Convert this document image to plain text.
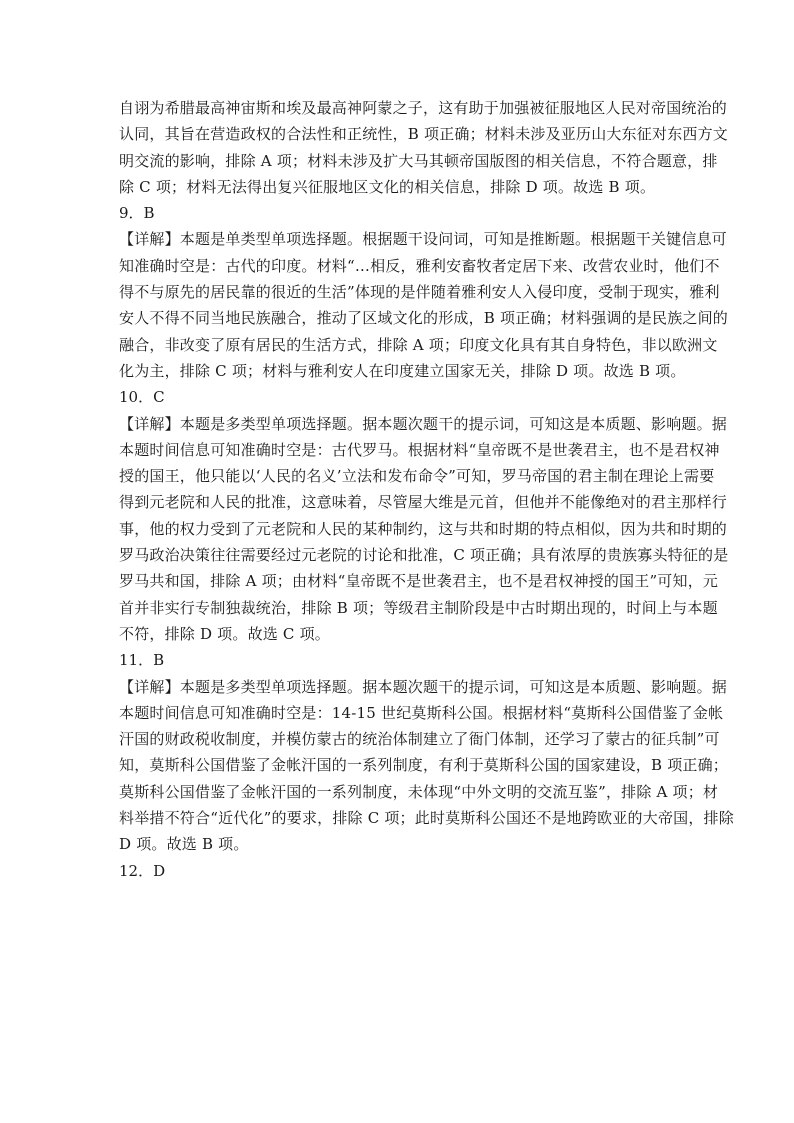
自诩为希腊最高神宙斯和埃及最高神阿蒙之子，这有助于加强被征服地区人民对帝国统治的
认同，其旨在营造政权的合法性和正统性，B 项正确；材料未涉及亚历山大东征对东西方文
明交流的影响，排除 A 项；材料未涉及扩大马其顿帝国版图的相关信息，不符合题意，排
除 C 项；材料无法得出复兴征服地区文化的相关信息，排除 D 项。故选 B 项。
9．B
【详解】本题是单类型单项选择题。根据题干设问词，可知是推断题。根据题干关键信息可
知准确时空是：古代的印度。材料“…相反，雅利安畜牧者定居下来、改营农业时，他们不
得不与原先的居民靠的很近的生活”体现的是伴随着雅利安人入侵印度，受制于现实，雅利
安人不得不同当地民族融合，推动了区域文化的形成，B 项正确；材料强调的是民族之间的
融合，非改变了原有居民的生活方式，排除 A 项；印度文化具有其自身特色，非以欧洲文
化为主，排除 C 项；材料与雅利安人在印度建立国家无关，排除 D 项。故选 B 项。
10．C
【详解】本题是多类型单项选择题。据本题次题干的提示词，可知这是本质题、影响题。据
本题时间信息可知准确时空是：古代罗马。根据材料“皇帝既不是世袭君主，也不是君权神
授的国王，他只能以‘人民的名义’立法和发布命令”可知，罗马帝国的君主制在理论上需要
得到元老院和人民的批准，这意味着，尽管屋大维是元首，但他并不能像绝对的君主那样行
事，他的权力受到了元老院和人民的某种制约，这与共和时期的特点相似，因为共和时期的
罗马政治决策往往需要经过元老院的讨论和批准，C 项正确；具有浓厚的贵族寡头特征的是
罗马共和国，排除 A 项；由材料“皇帝既不是世袭君主，也不是君权神授的国王”可知，元
首并非实行专制独裁统治，排除 B 项；等级君主制阶段是中古时期出现的，时间上与本题
不符，排除 D 项。故选 C 项。
11．B
【详解】本题是多类型单项选择题。据本题次题干的提示词，可知这是本质题、影响题。据
本题时间信息可知准确时空是：14-15 世纪莫斯科公国。根据材料“莫斯科公国借鉴了金帐
汗国的财政税收制度，并模仿蒙古的统治体制建立了衙门体制，还学习了蒙古的征兵制”可
知，莫斯科公国借鉴了金帐汗国的一系列制度，有利于莫斯科公国的国家建设，B 项正确；
莫斯科公国借鉴了金帐汗国的一系列制度，未体现“中外文明的交流互鉴”，排除 A 项；材
料举措不符合“近代化”的要求，排除 C 项；此时莫斯科公国还不是地跨欧亚的大帝国，排除
D 项。故选 B 项。
12．D
